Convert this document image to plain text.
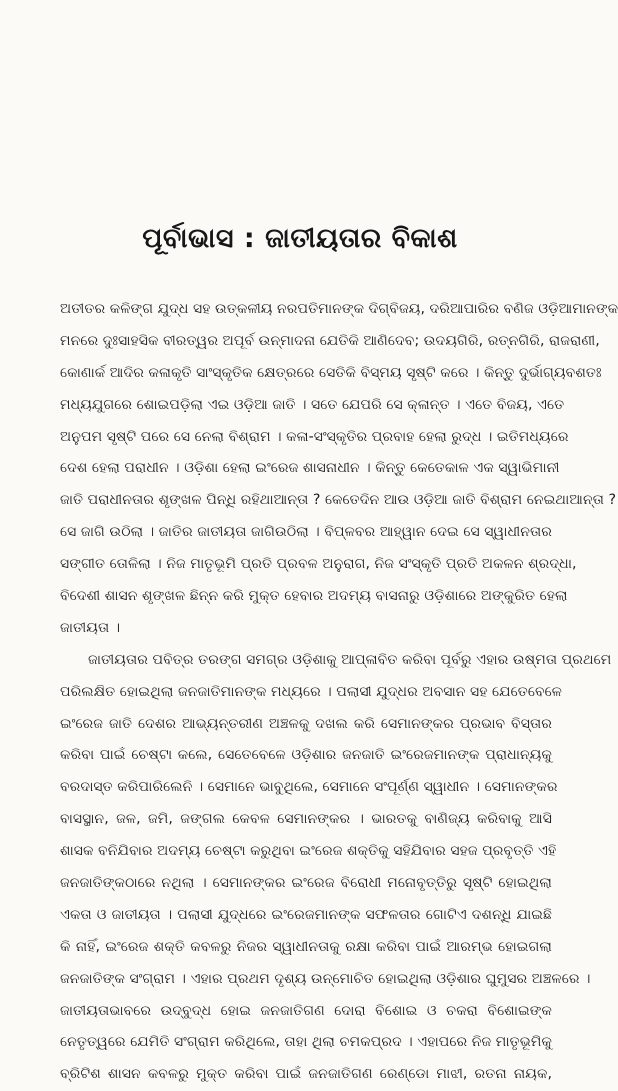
ପୂର୍ବାଭାସ : ଜାତୀୟତାର ବିକାଶ
ଅତୀତର କଳିଙ୍ଗ ଯୁଦ୍ଧ ସହ ଉତ୍କଳୀୟ ନରପତିମାନଙ୍କ ଦିଗ୍‌ବିଜୟ, ଦରିଆପାରିର ବଣିଜ ଓଡ଼ିଆମାନଙ୍କ
ମନରେ ଦୁଃସାହସିକ ବୀରତ୍ୱର ଅପୂର୍ବ ଉନ୍ମାଦନା ଯେତିକି ଆଣିଦେବ; ଉଦୟଗିରି, ରତ୍ନଗିରି, ରାଜରାଣୀ,
କୋଣାର୍କ ଆଦିର କଳାକୃତି ସାଂସ୍କୃତିକ କ୍ଷେତ୍ରରେ ସେତିକି ବିସ୍ମୟ ସୃଷ୍ଟି କରେ । କିନ୍ତୁ ଦୁର୍ଭାଗ୍ୟବଶତଃ
ମଧ୍ୟଯୁଗରେ ଶୋଇପଡ଼ିଲା ଏଇ ଓଡ଼ିଆ ଜାତି । ସତେ ଯେପରି ସେ କ୍ଳାନ୍ତ । ଏତେ ବିଜୟ, ଏତେ
ଅନୁପମ ସୃଷ୍ଟି ପରେ ସେ ନେଲା ବିଶ୍ରାମ । କଳା-ସଂସ୍କୃତିର ପ୍ରବାହ ହେଲା ରୁଦ୍ଧ । ଇତିମଧ୍ୟରେ
ଦେଶ ହେଲା ପରାଧୀନ । ଓଡ଼ିଶା ହେଲା ଇଂରେଜ ଶାସନାଧୀନ । କିନ୍ତୁ କେତେକାଳ ଏକ ସ୍ୱାଭିମାନୀ
ଜାତି ପରାଧୀନତାର ଶୃଙ୍ଖଳ ପିନ୍ଧି ରହିଥାଆନ୍ତା ? କେତେଦିନ ଆଉ ଓଡ଼ିଆ ଜାତି ବିଶ୍ରାମ ନେଇଥାଆନ୍ତା ?
ସେ ଜାଗି ଉଠିଲା । ଜାତିର ଜାତୀୟତା ଜାଗିଉଠିଲା । ବିପ୍ଳବର ଆହ୍ୱାନ ଦେଇ ସେ ସ୍ୱାଧୀନତାର
ସଙ୍ଗୀତ ତୋଳିଲା । ନିଜ ମାତୃଭୂମି ପ୍ରତି ପ୍ରବଳ ଅନୁରାଗ, ନିଜ ସଂସ୍କୃତି ପ୍ରତି ଅକଳନ ଶ୍ରଦ୍ଧା,
ବିଦେଶୀ ଶାସନ ଶୃଙ୍ଖଳ ଛିନ୍ନ କରି ମୁକ୍ତ ହେବାର ଅଦମ୍ୟ ବାସନାରୁ ଓଡ଼ିଶାରେ ଅଙ୍କୁରିତ ହେଲା
ଜାତୀୟତା ।
ଜାତୀୟତାର ପବିତ୍ର ତରଙ୍ଗ ସମଗ୍ର ଓଡ଼ିଶାକୁ ଆପ୍ଳାବିତ କରିବା ପୂର୍ବରୁ ଏହାର ଉଷ୍ମତା ପ୍ରଥମେ
ପରିଲକ୍ଷିତ ହୋଇଥିଲା ଜନଜାତିମାନଙ୍କ ମଧ୍ୟରେ । ପଲାସୀ ଯୁଦ୍ଧର ଅବସାନ ସହ ଯେତେବେଳେ
ଇଂରେଜ ଜାତି ଦେଶର ଆଭ୍ୟନ୍ତରୀଣ ଅଞ୍ଚଳକୁ ଦଖଲ କରି ସେମାନଙ୍କର ପ୍ରଭାବ ବିସ୍ତାର
କରିବା ପାଇଁ ଚେଷ୍ଟା କଲେ, ସେତେବେଳେ ଓଡ଼ିଶାର ଜନଜାତି ଇଂରେଜମାନଙ୍କ ପ୍ରାଧାନ୍ୟକୁ
ବରଦାସ୍ତ କରିପାରିଲେନି । ସେମାନେ ଭାବୁଥିଲେ, ସେମାନେ ସଂପୂର୍ଣ୍ଣ ସ୍ୱାଧୀନ । ସେମାନଙ୍କର
ବାସସ୍ଥାନ, ଜଳ, ଜମି, ଜଙ୍ଗଲ କେବଳ ସେମାନଙ୍କର । ଭାରତକୁ ବାଣିଜ୍ୟ କରିବାକୁ ଆସି
ଶାସକ ବନିଯିବାର ଅଦମ୍ୟ ଚେଷ୍ଟା କରୁଥିବା ଇଂରେଜ ଶକ୍ତିକୁ ସହିଯିବାର ସହଜ ପ୍ରବୃତ୍ତି ଏହି
ଜନଜାତିଙ୍କଠାରେ ନଥିଲା । ସେମାନଙ୍କର ଇଂରେଜ ବିରୋଧୀ ମନୋବୃତ୍ତିରୁ ସୃଷ୍ଟି ହୋଇଥିଲା
ଏକତା ଓ ଜାତୀୟତା । ପଲାସୀ ଯୁଦ୍ଧରେ ଇଂରେଜମାନଙ୍କ ସଫଳତାର ଗୋଟିଏ ଦଶନ୍ଧି ଯାଇଛି
କି ନାହିଁ, ଇଂରେଜ ଶକ୍ତି କବଳରୁ ନିଜର ସ୍ୱାଧୀନତାକୁ ରକ୍ଷା କରିବା ପାଇଁ ଆରମ୍ଭ ହୋଇଗଲା
ଜନଜାତିଙ୍କ ସଂଗ୍ରାମ । ଏହାର ପ୍ରଥମ ଦୃଶ୍ୟ ଉନ୍ମୋଚିତ ହୋଇଥିଲା ଓଡ଼ିଶାର ଘୁମୁସର ଅଞ୍ଚଳରେ ।
ଜାତୀୟତାଭାବରେ ଉଦ୍‌ବୁଦ୍ଧ ହୋଇ ଜନଜାତିଗଣ ଦୋରା ବିଶୋଇ ଓ ଚକରା ବିଶୋଇଙ୍କ
ନେତୃତ୍ୱରେ ଯେମିତି ସଂଗ୍ରାମ କରିଥିଲେ, ତାହା ଥିଲା ଚମକପ୍ରଦ । ଏହାପରେ ନିଜ ମାତୃଭୂମିକୁ
ବ୍ରିଟିଶ ଶାସନ କବଳରୁ ମୁକ୍ତ କରିବା ପାଇଁ ଜନଜାତିଗଣ ରେଣ୍ଡୋ ମାଝୀ, ରତନା ନାୟକ,
